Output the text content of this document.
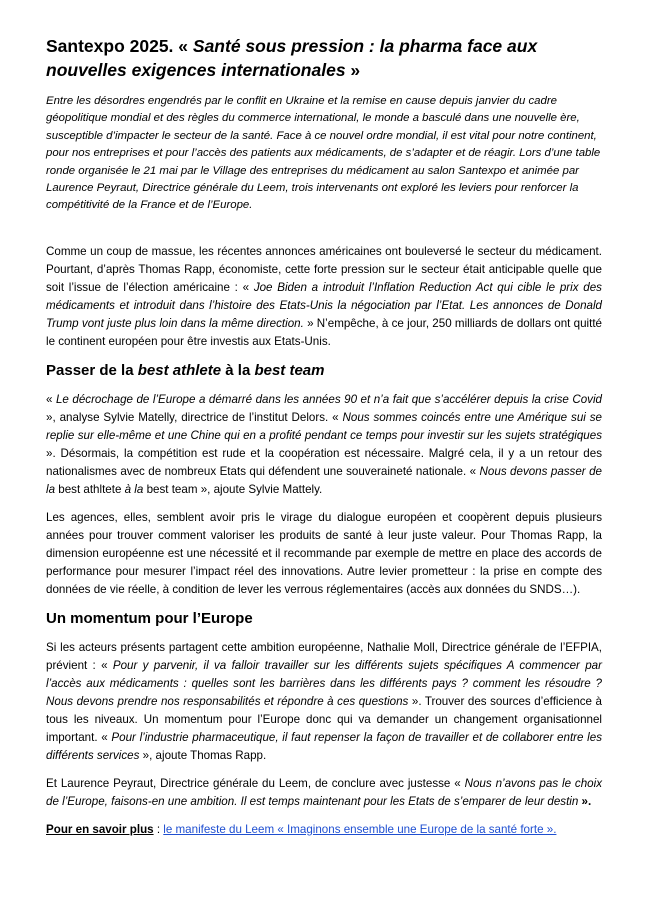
Santexpo 2025. « Santé sous pression : la pharma face aux nouvelles exigences internationales »

Entre les désordres engendrés par le conflit en Ukraine et la remise en cause depuis janvier du cadre géopolitique mondial et des règles du commerce international, le monde a basculé dans une nouvelle ère, susceptible d’impacter le secteur de la santé. Face à ce nouvel ordre mondial, il est vital pour notre continent, pour nos entreprises et pour l’accès des patients aux médicaments, de s’adapter et de réagir. Lors d’une table ronde organisée le 21 mai par le Village des entreprises du médicament au salon Santexpo et animée par Laurence Peyraut, Directrice générale du Leem, trois intervenants ont exploré les leviers pour renforcer la compétitivité de la France et de l’Europe.

Comme un coup de massue, les récentes annonces américaines ont bouleversé le secteur du médicament. Pourtant, d’après Thomas Rapp, économiste, cette forte pression sur le secteur était anticipable quelle que soit l’issue de l’élection américaine : « Joe Biden a introduit l’Inflation Reduction Act qui cible le prix des médicaments et introduit dans l’histoire des Etats-Unis la négociation par l’Etat. Les annonces de Donald Trump vont juste plus loin dans la même direction. » N’empêche, à ce jour, 250 milliards de dollars ont quitté le continent européen pour être investis aux Etats-Unis.

Passer de la best athlete à la best team

« Le décrochage de l’Europe a démarré dans les années 90 et n’a fait que s’accélérer depuis la crise Covid », analyse Sylvie Matelly, directrice de l’institut Delors. « Nous sommes coincés entre une Amérique sui se replie sur elle-même et une Chine qui en a profité pendant ce temps pour investir sur les sujets stratégiques ». Désormais, la compétition est rude et la coopération est nécessaire. Malgré cela, il y a un retour des nationalismes avec de nombreux Etats qui défendent une souveraineté nationale. « Nous devons passer de la best athltete à la best team », ajoute Sylvie Mattely.

Les agences, elles, semblent avoir pris le virage du dialogue européen et coopèrent depuis plusieurs années pour trouver comment valoriser les produits de santé à leur juste valeur. Pour Thomas Rapp, la dimension européenne est une nécessité et il recommande par exemple de mettre en place des accords de performance pour mesurer l’impact réel des innovations. Autre levier prometteur : la prise en compte des données de vie réelle, à condition de lever les verrous réglementaires (accès aux données du SNDS…).

Un momentum pour l’Europe

Si les acteurs présents partagent cette ambition européenne, Nathalie Moll, Directrice générale de l’EFPIA, prévient : « Pour y parvenir, il va falloir travailler sur les différents sujets spécifiques A commencer par l’accès aux médicaments : quelles sont les barrières dans les différents pays ? comment les résoudre ? Nous devons prendre nos responsabilités et répondre à ces questions ». Trouver des sources d’efficience à tous les niveaux. Un momentum pour l’Europe donc qui va demander un changement organisationnel important. « Pour l’industrie pharmaceutique, il faut repenser la façon de travailler et de collaborer entre les différents services », ajoute Thomas Rapp.

Et Laurence Peyraut, Directrice générale du Leem, de conclure avec justesse « Nous n’avons pas le choix de l’Europe, faisons-en une ambition. Il est temps maintenant pour les Etats de s’emparer de leur destin ».

Pour en savoir plus : le manifeste du Leem « Imaginons ensemble une Europe de la santé forte ».
